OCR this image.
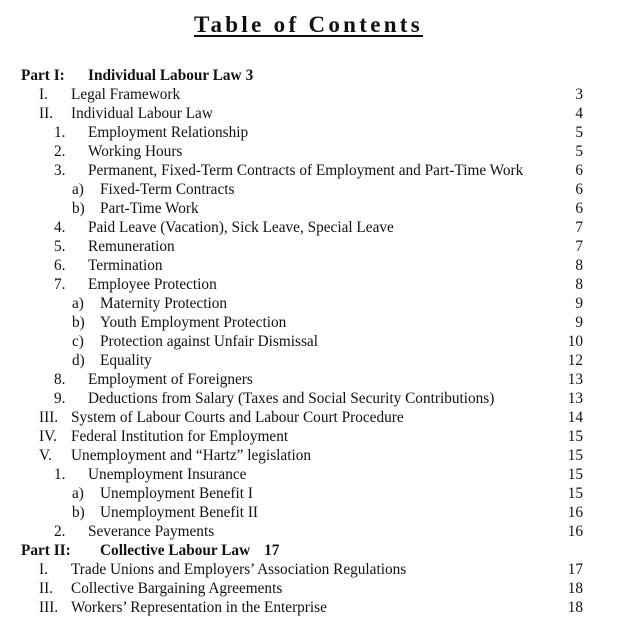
Table of Contents
Part I: Individual Labour Law 3
I. Legal Framework	3
II. Individual Labour Law	4
1. Employment Relationship	5
2. Working Hours	5
3. Permanent, Fixed-Term Contracts of Employment and Part-Time Work	6
a) Fixed-Term Contracts	6
b) Part-Time Work	6
4. Paid Leave (Vacation), Sick Leave, Special Leave	7
5. Remuneration	7
6. Termination	8
7. Employee Protection	8
a) Maternity Protection	9
b) Youth Employment Protection	9
c) Protection against Unfair Dismissal	10
d) Equality	12
8. Employment of Foreigners	13
9. Deductions from Salary (Taxes and Social Security Contributions)	13
III. System of Labour Courts and Labour Court Procedure	14
IV. Federal Institution for Employment	15
V. Unemployment and “Hartz” legislation	15
1. Unemployment Insurance	15
a) Unemployment Benefit I	15
b) Unemployment Benefit II	16
2. Severance Payments	16
Part II: Collective Labour Law 17
I. Trade Unions and Employers’ Association Regulations	17
II. Collective Bargaining Agreements	18
III. Workers’ Representation in the Enterprise	18
